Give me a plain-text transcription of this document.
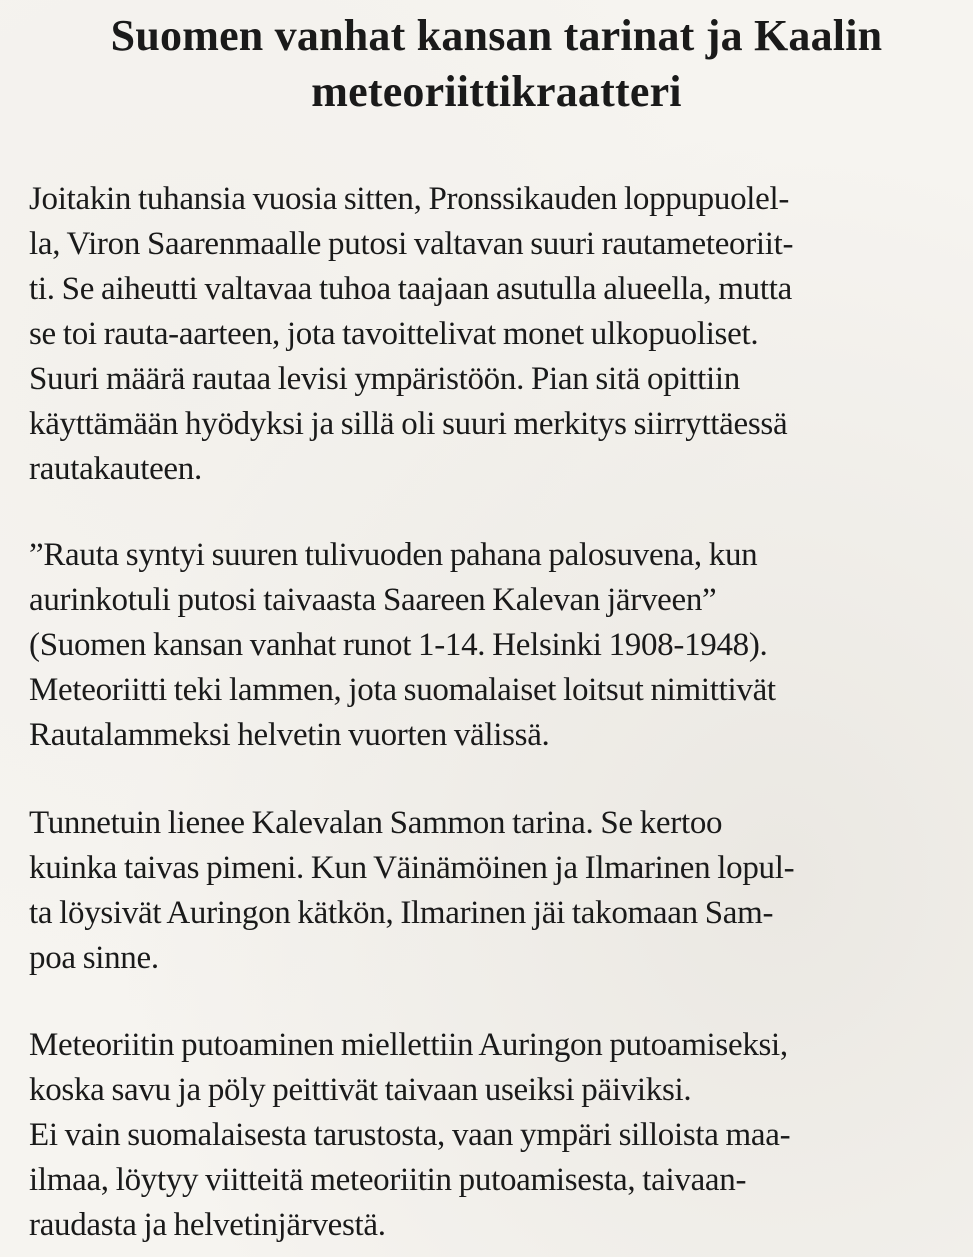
Suomen vanhat kansan tarinat ja Kaalin
meteoriittikraatteri

Joitakin tuhansia vuosia sitten, Pronssikauden loppupuolel-
la, Viron Saarenmaalle putosi valtavan suuri rautameteoriit-
ti. Se aiheutti valtavaa tuhoa taajaan asutulla alueella, mutta
se toi rauta-aarteen, jota tavoittelivat monet ulkopuoliset.
Suuri määrä rautaa levisi ympäristöön. Pian sitä opittiin
käyttämään hyödyksi ja sillä oli suuri merkitys siirryttäessä
rautakauteen.

”Rauta syntyi suuren tulivuoden pahana palosuvena, kun
aurinkotuli putosi taivaasta Saareen Kalevan järveen”
(Suomen kansan vanhat runot 1-14. Helsinki 1908-1948).
Meteoriitti teki lammen, jota suomalaiset loitsut nimittivät
Rautalammeksi helvetin vuorten välissä.

Tunnetuin lienee Kalevalan Sammon tarina. Se kertoo
kuinka taivas pimeni. Kun Väinämöinen ja Ilmarinen lopul-
ta löysivät Auringon kätkön, Ilmarinen jäi takomaan Sam-
poa sinne.

Meteoriitin putoaminen miellettiin Auringon putoamiseksi,
koska savu ja pöly peittivät taivaan useiksi päiviksi.
Ei vain suomalaisesta tarustosta, vaan ympäri silloista maa-
ilmaa, löytyy viitteitä meteoriitin putoamisesta, taivaan-
raudasta ja helvetinjärvestä.
